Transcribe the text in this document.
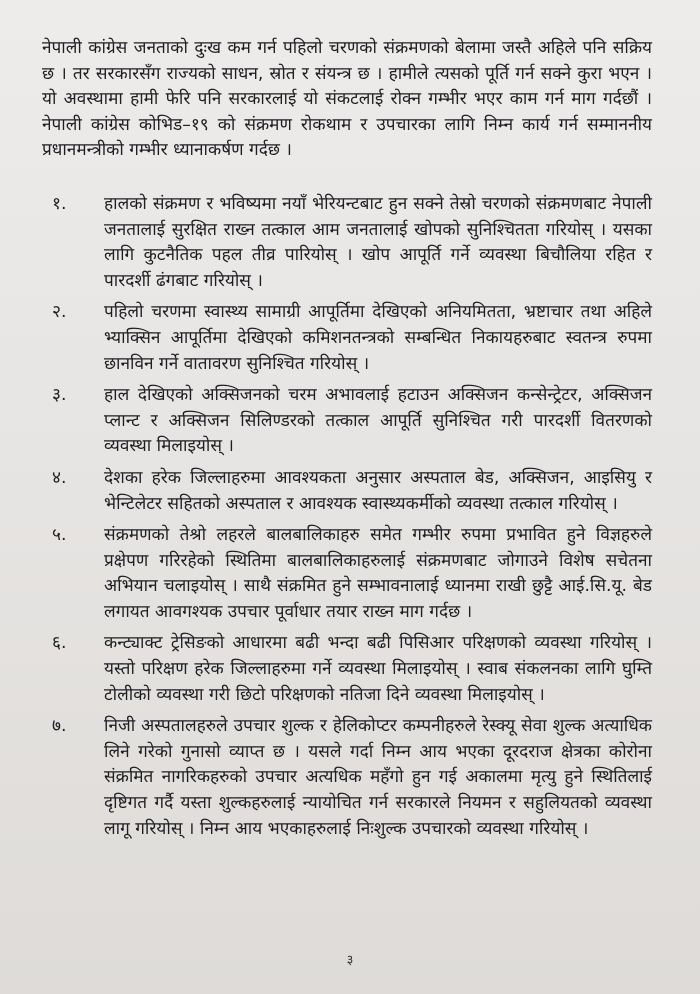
नेपाली कांग्रेस जनताको दुःख कम गर्न पहिलो चरणको संक्रमणको बेलामा जस्तै अहिले पनि सक्रिय छ । तर सरकारसँग राज्यको साधन, स्रोत र संयन्त्र छ । हामीले त्यसको पूर्ति गर्न सक्ने कुरा भएन । यो अवस्थामा हामी फेरि पनि सरकारलाई यो संकटलाई रोक्न गम्भीर भएर काम गर्न माग गर्दछौं । नेपाली कांग्रेस कोभिड–१९ को संक्रमण रोकथाम र उपचारका लागि निम्न कार्य गर्न सम्माननीय प्रधानमन्त्रीको गम्भीर ध्यानाकर्षण गर्दछ ।

१.	हालको संक्रमण र भविष्यमा नयाँ भेरियन्टबाट हुन सक्ने तेस्रो चरणको संक्रमणबाट नेपाली जनतालाई सुरक्षित राख्न तत्काल आम जनतालाई खोपको सुनिश्चितता गरियोस् । यसका लागि कुटनैतिक पहल तीव्र पारियोस् । खोप आपूर्ति गर्ने व्यवस्था बिचौलिया रहित र पारदर्शी ढंगबाट गरियोस् ।
२.	पहिलो चरणमा स्वास्थ्य सामाग्री आपूर्तिमा देखिएको अनियमितता, भ्रष्टाचार तथा अहिले भ्याक्सिन आपूर्तिमा देखिएको कमिशनतन्त्रको सम्बन्धित निकायहरुबाट स्वतन्त्र रुपमा छानविन गर्ने वातावरण सुनिश्चित गरियोस् ।
३.	हाल देखिएको अक्सिजनको चरम अभावलाई हटाउन अक्सिजन कन्सेन्ट्रेटर, अक्सिजन प्लान्ट र अक्सिजन सिलिण्डरको तत्काल आपूर्ति सुनिश्चित गरी पारदर्शी वितरणको व्यवस्था मिलाइयोस् ।
४.	देशका हरेक जिल्लाहरुमा आवश्यकता अनुसार अस्पताल बेड, अक्सिजन, आइसियु र भेन्टिलेटर सहितको अस्पताल र आवश्यक स्वास्थ्यकर्मीको व्यवस्था तत्काल गरियोस् ।
५.	संक्रमणको तेश्रो लहरले बालबालिकाहरु समेत गम्भीर रुपमा प्रभावित हुने विज्ञहरुले प्रक्षेपण गरिरहेको स्थितिमा बालबालिकाहरुलाई संक्रमणबाट जोगाउने विशेष सचेतना अभियान चलाइयोस् । साथै संक्रमित हुने सम्भावनालाई ध्यानमा राखी छुट्टै आई.सि.यू. बेड लगायत आवगश्यक उपचार पूर्वाधार तयार राख्न माग गर्दछ ।
६.	कन्ट्याक्ट ट्रेसिङको आधारमा बढी भन्दा बढी पिसिआर परिक्षणको व्यवस्था गरियोस् । यस्तो परिक्षण हरेक जिल्लाहरुमा गर्ने व्यवस्था मिलाइयोस् । स्वाब संकलनका लागि घुम्ति टोलीको व्यवस्था गरी छिटो परिक्षणको नतिजा दिने व्यवस्था मिलाइयोस् ।
७.	निजी अस्पतालहरुले उपचार शुल्क र हेलिकोप्टर कम्पनीहरुले रेस्क्यू सेवा शुल्क अत्याधिक लिने गरेको गुनासो व्याप्त छ । यसले गर्दा निम्न आय भएका दूरदराज क्षेत्रका कोरोना संक्रमित नागरिकहरुको उपचार अत्यधिक महँगो हुन गई अकालमा मृत्यु हुने स्थितिलाई दृष्टिगत गर्दै यस्ता शुल्कहरुलाई न्यायोचित गर्न सरकारले नियमन र सहुलियतको व्यवस्था लागू गरियोस् । निम्न आय भएकाहरुलाई निःशुल्क उपचारको व्यवस्था गरियोस् ।
३
